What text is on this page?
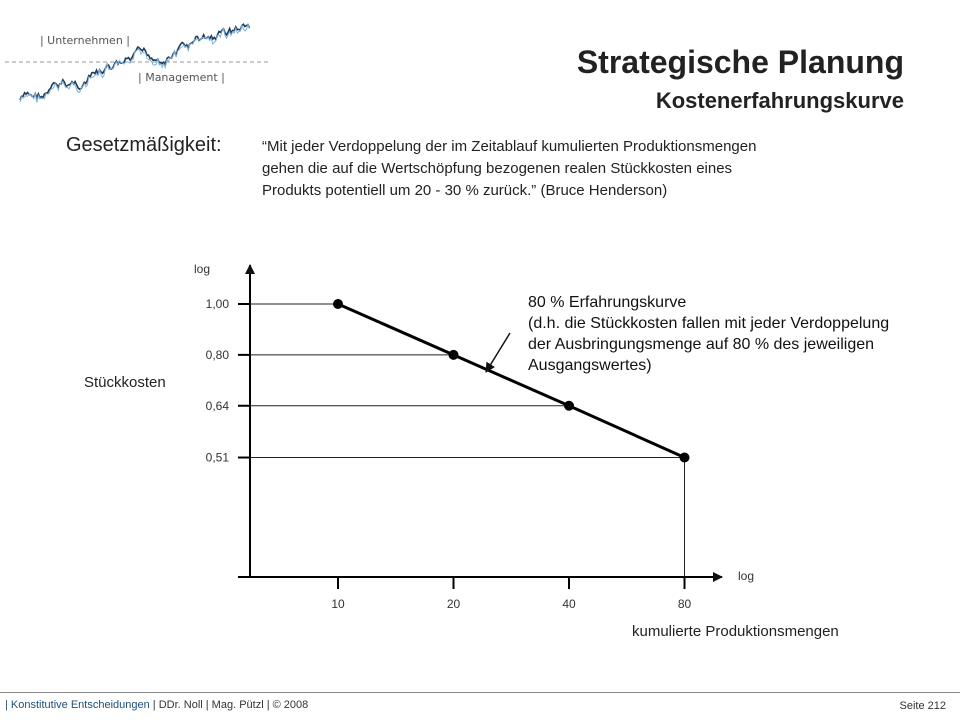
| Unternehmen |
| Management |	Strategische Planung
Kostenerfahrungskurve
Gesetzmäßigkeit:	“Mit jeder Verdoppelung der im Zeitablauf kumulierten Produktionsmengen
gehen die auf die Wertschöpfung bezogenen realen Stückkosten eines
Produkts potentiell um 20 - 30 % zurück.” (Bruce Henderson)
1,00
0,80
0,64
0,51
10	20	40	80
log
log
Stückkosten
kumulierte Produktionsmengen
80 % Erfahrungskurve
(d.h. die Stückkosten fallen mit jeder Verdoppelung
der Ausbringungsmenge auf 80 % des jeweiligen
Ausgangswertes)
| Konstitutive Entscheidungen | DDr. Noll | Mag. Pützl | © 2008	Seite 212
